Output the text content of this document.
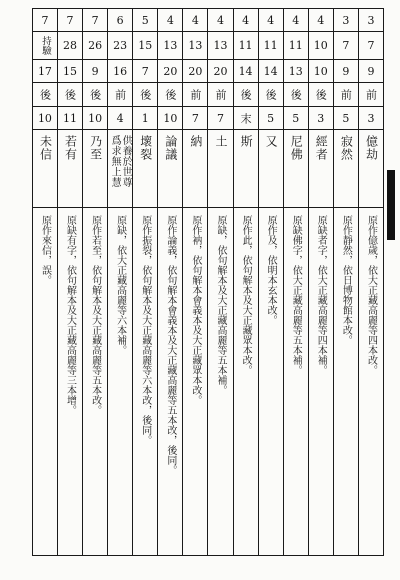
3
7
9
前
3
億劫
原作億歲，依大正藏高麗等四本改。
3
7
9
前
5
寂然
原作靜然，依日博物館本改。
4
10
10
後
3
經者
原缺者字，依大正藏高麗等四本補。
4
11
13
後
5
尼佛
原缺佛字，依大正藏高麗等五本補。
4
11
14
後
5
又
原作及，依明本玄本改。
4
11
14
後
末
斯
原作此，依句解本及大正藏眾本改。
4
13
20
前
7
土
原缺，依句解本及大正藏高麗等五本補。
4
13
20
前
7
納
原作衲，依句解本會義本及大正藏眾本改。
4
13
20
後
10
論議
原作論義，依句解本會義本及大正藏高麗等五本改，後同。
5
15
7
後
1
壞裂
原作振裂，依句解本及大正藏高麗等六本改，後同。
6
23
16
前
4
供養於世尊
爲求無上慧
原缺，依大正藏高麗等六本補。
7
26
9
後
10
乃至
原作若至，依句解本及大正藏高麗等五本改。
7
28
15
後
11
若有
原缺有字，依句解本及大正藏高麗等三本增。
7
持驗
17
後
10
未信
原作來信，誤。
